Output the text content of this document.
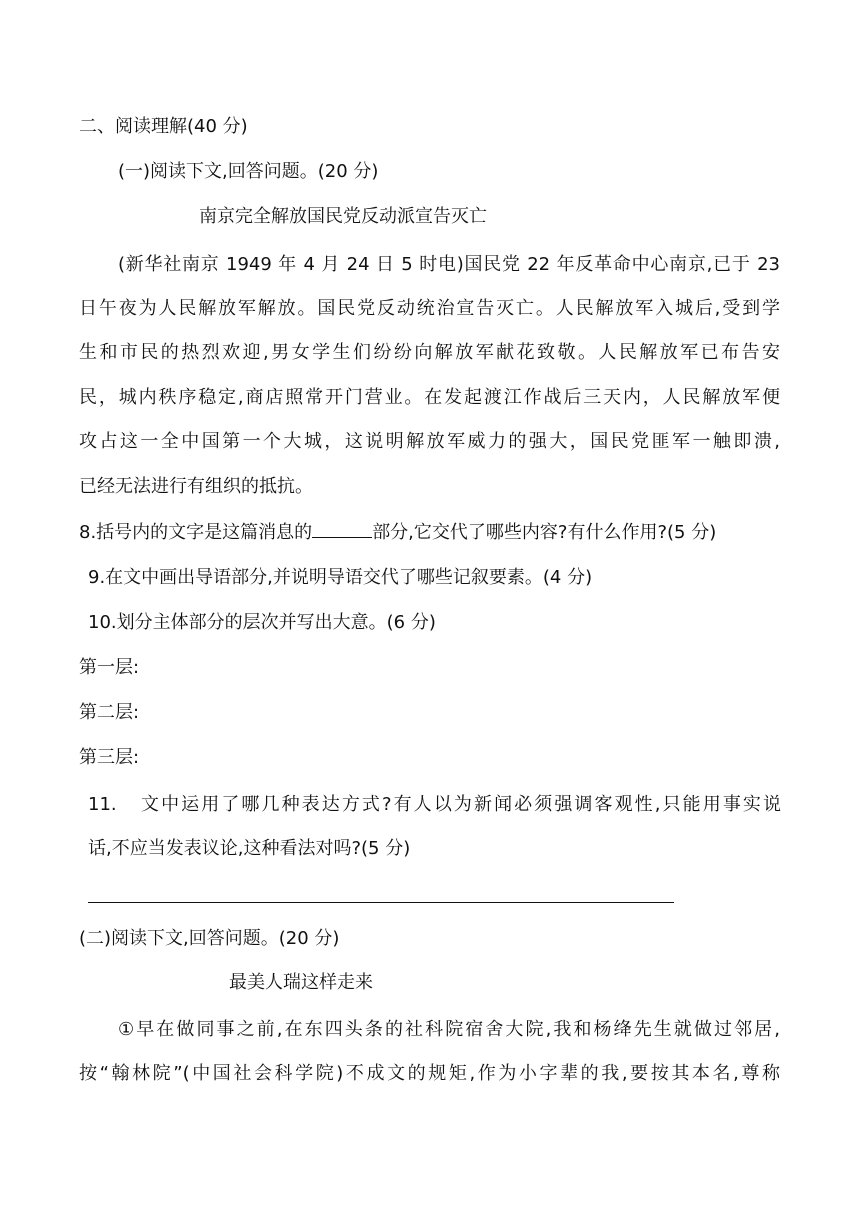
二、阅读理解(40 分)
(一)阅读下文,回答问题。(20 分)
南京完全解放国民党反动派宣告灭亡
(新华社南京 1949 年 4 月 24 日 5 时电)国民党 22 年反革命中心南京,已于 23
日午夜为人民解放军解放。国民党反动统治宣告灭亡。人民解放军入城后,受到学
生和市民的热烈欢迎,男女学生们纷纷向解放军献花致敬。人民解放军已布告安
民，城内秩序稳定,商店照常开门营业。在发起渡江作战后三天内，人民解放军便
攻占这一全中国第一个大城，这说明解放军威力的强大，国民党匪军一触即溃,
已经无法进行有组织的抵抗。
8.括号内的文字是这篇消息的	部分,它交代了哪些内容?有什么作用?(5 分)
9.在文中画出导语部分,并说明导语交代了哪些记叙要素。(4 分)
10.划分主体部分的层次并写出大意。(6 分)
第一层:
第二层:
第三层:
11. 文中运用了哪几种表达方式?有人以为新闻必须强调客观性,只能用事实说
话,不应当发表议论,这种看法对吗?(5 分)
(二)阅读下文,回答问题。(20 分)
最美人瑞这样走来
①早在做同事之前,在东四头条的社科院宿舍大院,我和杨绛先生就做过邻居,
按“翰林院”(中国社会科学院)不成文的规矩,作为小字辈的我,要按其本名,尊称
